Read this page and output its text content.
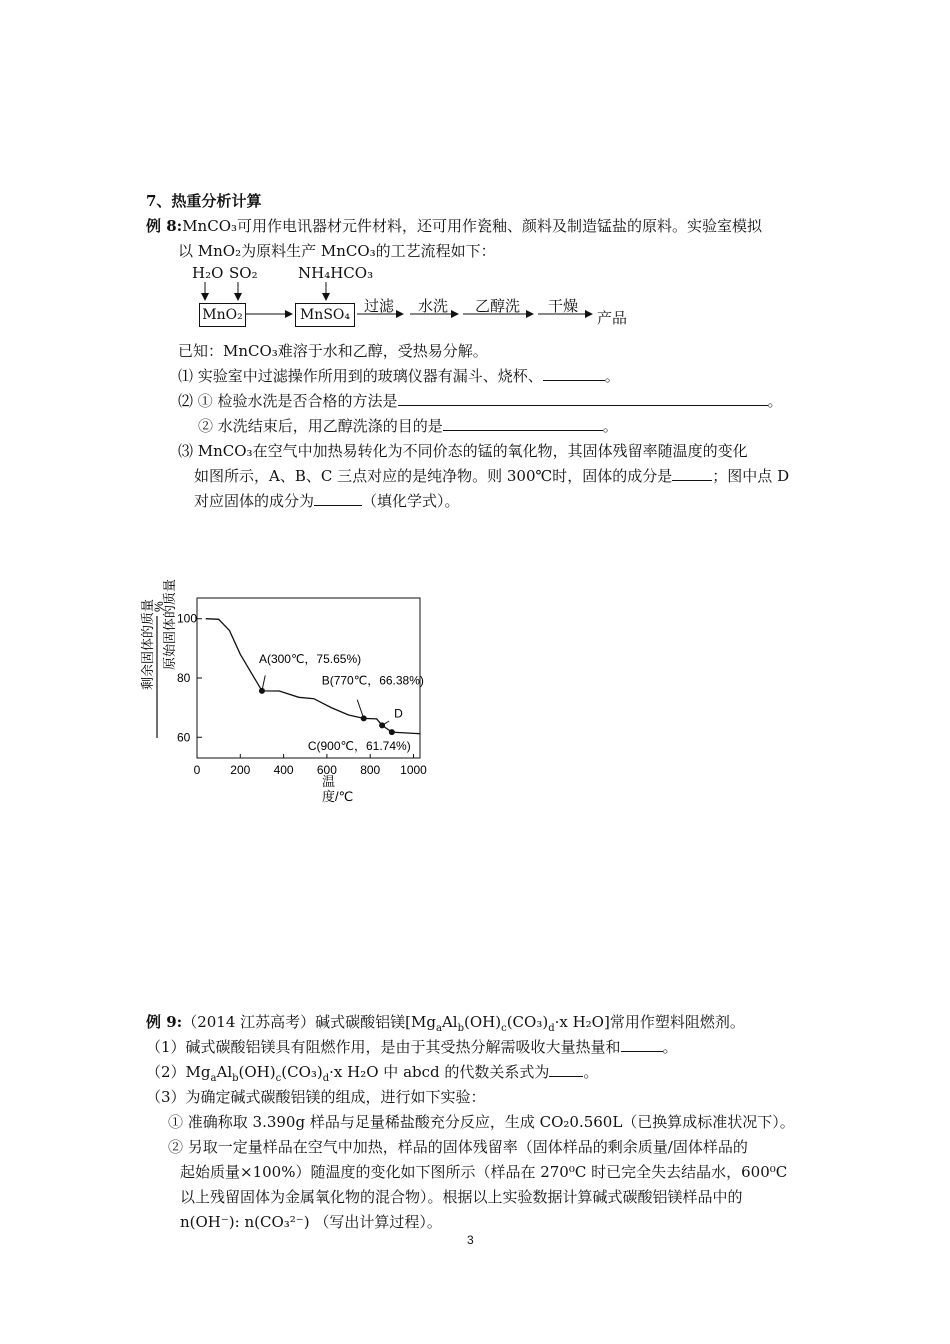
7、热重分析计算
例 8:MnCO₃可用作电讯器材元件材料，还可用作瓷釉、颜料及制造锰盐的原料。实验室模拟
以 MnO₂为原料生产 MnCO₃的工艺流程如下：
H₂O SO₂	NH₄HCO₃
MnO₂	MnSO₄ 过滤 水洗 乙醇洗 干燥
产品
已知：MnCO₃难溶于水和乙醇，受热易分解。
⑴ 实验室中过滤操作所用到的玻璃仪器有漏斗、烧杯、	。
⑵ ① 检验水洗是否合格的方法是	。
② 水洗结束后，用乙醇洗涤的目的是	。
⑶ MnCO₃在空气中加热易转化为不同价态的锰的氧化物，其固体残留率随温度的变化
如图所示，A、B、C 三点对应的是纯净物。则 300℃时，固体的成分是	；图中点 D
对应固体的成分为	（填化学式）。
剩余固体的质量 原始固体的质量
%
60
80
100
0 200 400 600 800 1000
A(300℃，75.65%)
B(770℃，66.38%)
D
C(900℃，61.74%)
温度/℃
例 9:（2014 江苏高考）碱式碳酸铝镁[$Mg_aAl_b(OH)_c(CO_3)_d\cdot x$ H₂O]常用作塑料阻燃剂。
（1）碱式碳酸铝镁具有阻燃作用，是由于其受热分解需吸收大量热量和	。
$(2)Mg_aAl_b(OH)_c(CO_3)_d\cdot x$ H₂O 中 abcd 的代数关系式为 。
（3）为确定碱式碳酸铝镁的组成，进行如下实验：
① 准确称取 3.390g 样品与足量稀盐酸充分反应，生成 CO₂0.560L（已换算成标准状况下）。
② 另取一定量样品在空气中加热，样品的固体残留率（固体样品的剩余质量/固体样品的
起始质量×100%）随温度的变化如下图所示（样品在 270⁰C 时已完全失去结晶水，600⁰C
以上残留固体为金属氧化物的混合物）。根据以上实验数据计算碱式碳酸铝镁样品中的
n(OH⁻): n(CO₃²⁻) （写出计算过程）。
3
